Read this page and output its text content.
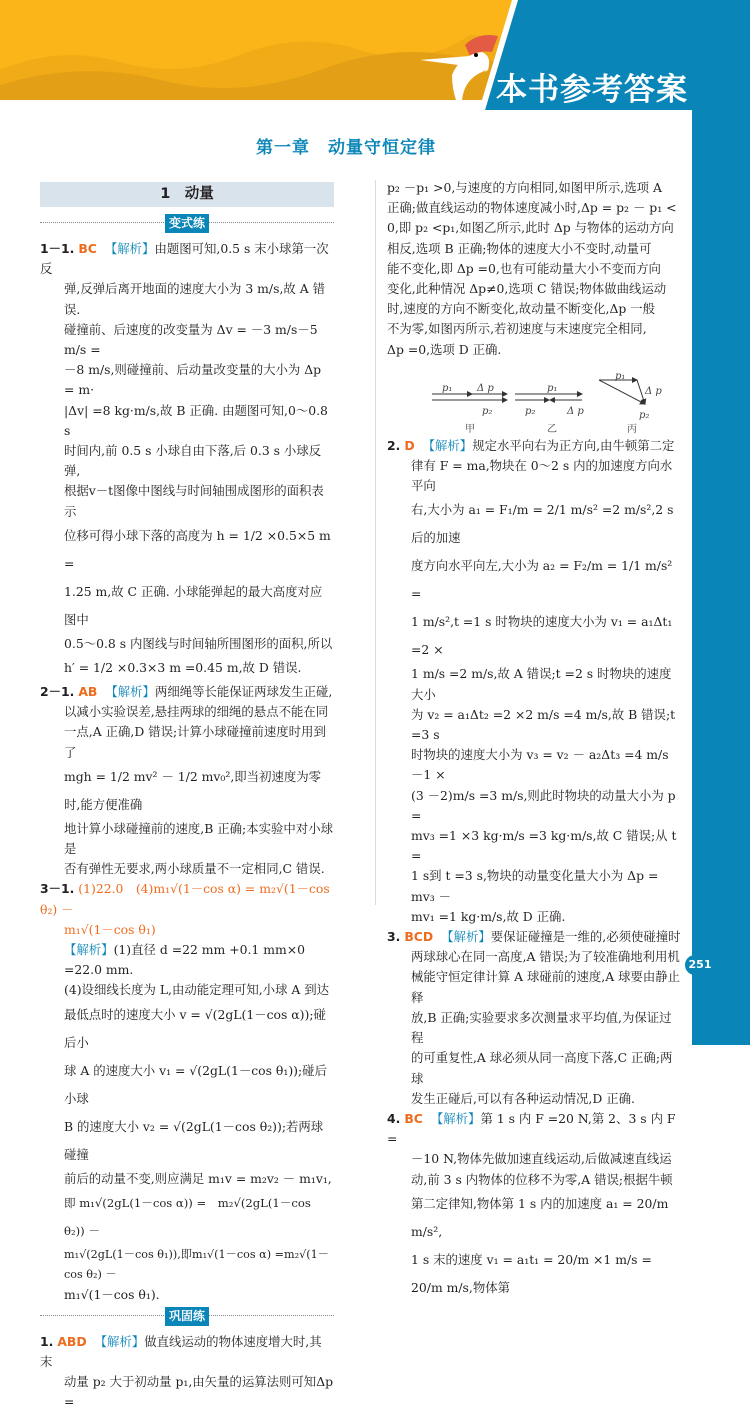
本书参考答案
第一章　动量守恒定律
1　动量
变式练

1－1. BC 【解析】由题图可知,0.5 s 末小球第一次反

弹,反弹后离开地面的速度大小为 3 m/s,故 A 错误.

碰撞前、后速度的改变量为 Δv = －3 m/s－5 m/s =

－8 m/s,则碰撞前、后动量改变量的大小为 Δp = m·

|Δv| =8 kg·m/s,故 B 正确. 由题图可知,0～0.8 s

时间内,前 0.5 s 小球自由下落,后 0.3 s 小球反弹,

根据v－t图像中图线与时间轴围成图形的面积表示

位移可得小球下落的高度为 h = 1/2 ×0.5×5 m =

1.25 m,故 C 正确. 小球能弹起的最大高度对应图中

0.5～0.8 s 内图线与时间轴所围图形的面积,所以

h′ = 1/2 ×0.3×3 m =0.45 m,故 D 错误.

2－1. AB 【解析】两细绳等长能保证两球发生正碰,

以减小实验误差,悬挂两球的细绳的悬点不能在同

一点,A 正确,D 错误;计算小球碰撞前速度时用到了

mgh = 1/2 mv² － 1/2 mv₀²,即当初速度为零时,能方便准确

地计算小球碰撞前的速度,B 正确;本实验中对小球是

否有弹性无要求,两小球质量不一定相同,C 错误.

3－1. (1)22.0　(4)m₁√(1－cos α) = m₂√(1－cos θ₂) －

m₁√(1－cos θ₁)

【解析】(1)直径 d =22 mm +0.1 mm×0 =22.0 mm.

(4)设细线长度为 L,由动能定理可知,小球 A 到达

最低点时的速度大小 v = √(2gL(1－cos α));碰后小

球 A 的速度大小 v₁ = √(2gL(1－cos θ₁));碰后小球

B 的速度大小 v₂ = √(2gL(1－cos θ₂));若两球碰撞

前后的动量不变,则应满足 m₁v = m₂v₂ － m₁v₁,

即 m₁√(2gL(1－cos α)) =　m₂√(2gL(1－cos θ₂)) －

m₁√(2gL(1－cos θ₁)),即m₁√(1－cos α) =m₂√(1－cos θ₂) －

m₁√(1－cos θ₁).

巩固练

1. ABD 【解析】做直线运动的物体速度增大时,其末

动量 p₂ 大于初动量 p₁,由矢量的运算法则可知Δp =

p₂ －p₁ >0,与速度的方向相同,如图甲所示,选项 A

正确;做直线运动的物体速度减小时,Δp = p₂ － p₁ <

0,即 p₂ <p₁,如图乙所示,此时 Δp 与物体的运动方向

相反,选项 B 正确;物体的速度大小不变时,动量可

能不变化,即 Δp =0,也有可能动量大小不变而方向

变化,此种情况 Δp≠0,选项 C 错误;物体做曲线运动

时,速度的方向不断变化,故动量不断变化,Δp 一般

不为零,如图丙所示,若初速度与末速度完全相同,

Δp =0,选项 D 正确.

p₁ Δ p
p₂
p₁
p₂	Δ p
p₁
Δ p
p₂
甲	乙	丙

2. D 【解析】规定水平向右为正方向,由牛顿第二定

律有 F = ma,物块在 0～2 s 内的加速度方向水平向

右,大小为 a₁ = F₁/m = 2/1 m/s² =2 m/s²,2 s 后的加速

度方向水平向左,大小为 a₂ = F₂/m = 1/1 m/s² =

1 m/s²,t =1 s 时物块的速度大小为 v₁ = a₁Δt₁ =2 ×

1 m/s =2 m/s,故 A 错误;t =2 s 时物块的速度大小

为 v₂ = a₁Δt₂ =2 ×2 m/s =4 m/s,故 B 错误;t =3 s

时物块的速度大小为 v₃ = v₂ － a₂Δt₃ =4 m/s －1 ×

(3 －2)m/s =3 m/s,则此时物块的动量大小为 p =

mv₃ =1 ×3 kg·m/s =3 kg·m/s,故 C 错误;从 t =

1 s到 t =3 s,物块的动量变化量大小为 Δp = mv₃ －

mv₁ =1 kg·m/s,故 D 正确.

3. BCD 【解析】要保证碰撞是一维的,必须使碰撞时

两球球心在同一高度,A 错误;为了较准确地利用机

械能守恒定律计算 A 球碰前的速度,A 球要由静止释

放,B 正确;实验要求多次测量求平均值,为保证过程

的可重复性,A 球必须从同一高度下落,C 正确;两球

发生正碰后,可以有各种运动情况,D 正确.

4. BC 【解析】第 1 s 内 F =20 N,第 2、3 s 内 F =

－10 N,物体先做加速直线运动,后做减速直线运

动,前 3 s 内物体的位移不为零,A 错误;根据牛顿

第二定律知,物体第 1 s 内的加速度 a₁ = 20/m m/s²,

1 s 末的速度 v₁ = a₁t₁ = 20/m ×1 m/s = 20/m m/s,物体第

251
